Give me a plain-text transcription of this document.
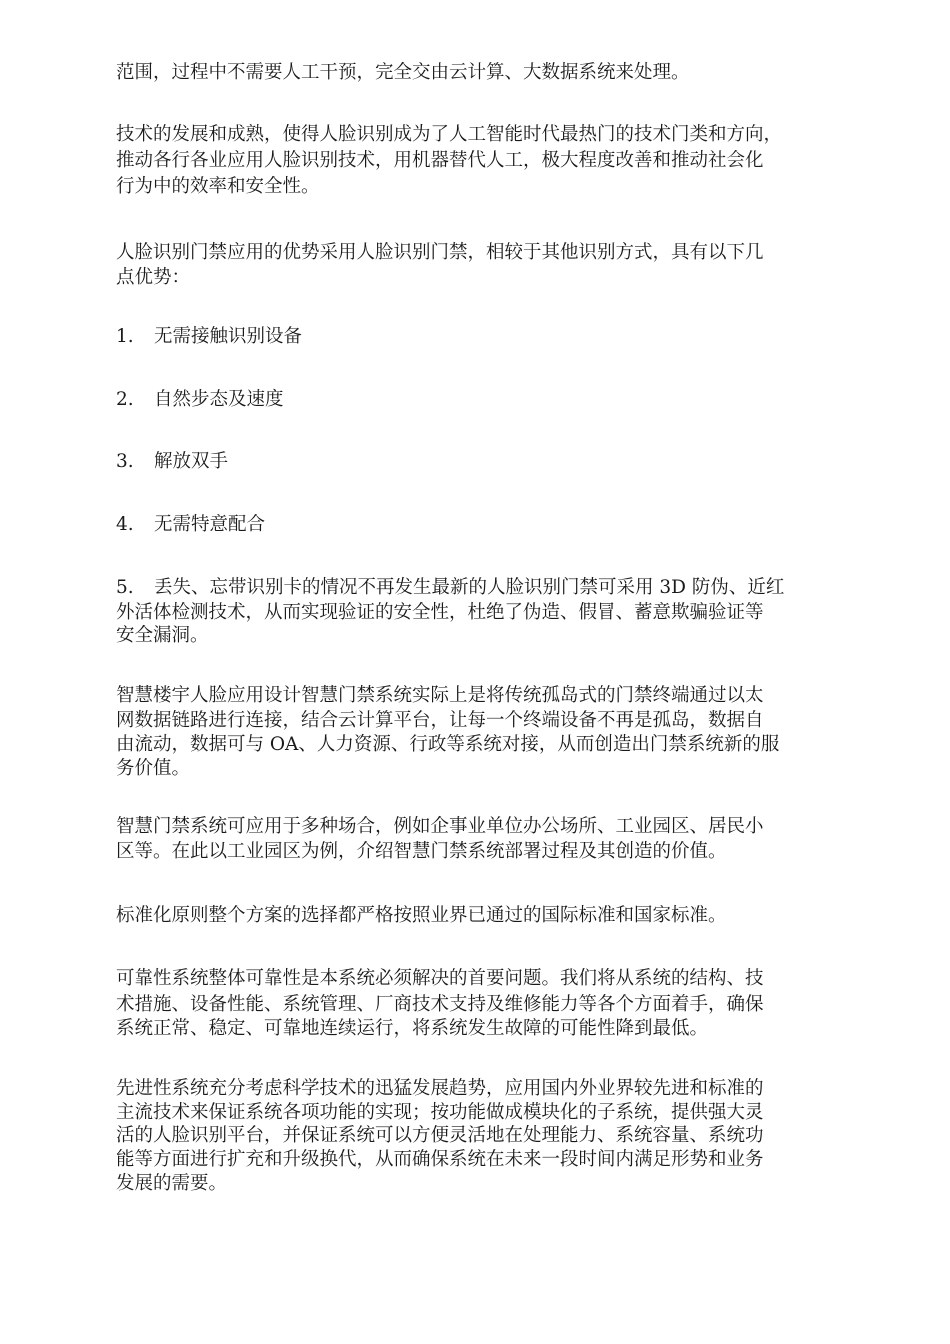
范围，过程中不需要人工干预，完全交由云计算、大数据系统来处理。
技术的发展和成熟，使得人脸识别成为了人工智能时代最热门的技术门类和方向，
推动各行各业应用人脸识别技术，用机器替代人工，极大程度改善和推动社会化
行为中的效率和安全性。
人脸识别门禁应用的优势采用人脸识别门禁，相较于其他识别方式，具有以下几
点优势：
1. 无需接触识别设备
2. 自然步态及速度
3. 解放双手
4. 无需特意配合
5. 丢失、忘带识别卡的情况不再发生最新的人脸识别门禁可采用 3D 防伪、近红
外活体检测技术，从而实现验证的安全性，杜绝了伪造、假冒、蓄意欺骗验证等
安全漏洞。
智慧楼宇人脸应用设计智慧门禁系统实际上是将传统孤岛式的门禁终端通过以太
网数据链路进行连接，结合云计算平台，让每一个终端设备不再是孤岛，数据自
由流动，数据可与 OA、人力资源、行政等系统对接，从而创造出门禁系统新的服
务价值。
智慧门禁系统可应用于多种场合，例如企事业单位办公场所、工业园区、居民小
区等。在此以工业园区为例，介绍智慧门禁系统部署过程及其创造的价值。
标准化原则整个方案的选择都严格按照业界已通过的国际标准和国家标准。
可靠性系统整体可靠性是本系统必须解决的首要问题。我们将从系统的结构、技
术措施、设备性能、系统管理、厂商技术支持及维修能力等各个方面着手，确保
系统正常、稳定、可靠地连续运行，将系统发生故障的可能性降到最低。
先进性系统充分考虑科学技术的迅猛发展趋势，应用国内外业界较先进和标准的
主流技术来保证系统各项功能的实现；按功能做成模块化的子系统，提供强大灵
活的人脸识别平台，并保证系统可以方便灵活地在处理能力、系统容量、系统功
能等方面进行扩充和升级换代，从而确保系统在未来一段时间内满足形势和业务
发展的需要。
